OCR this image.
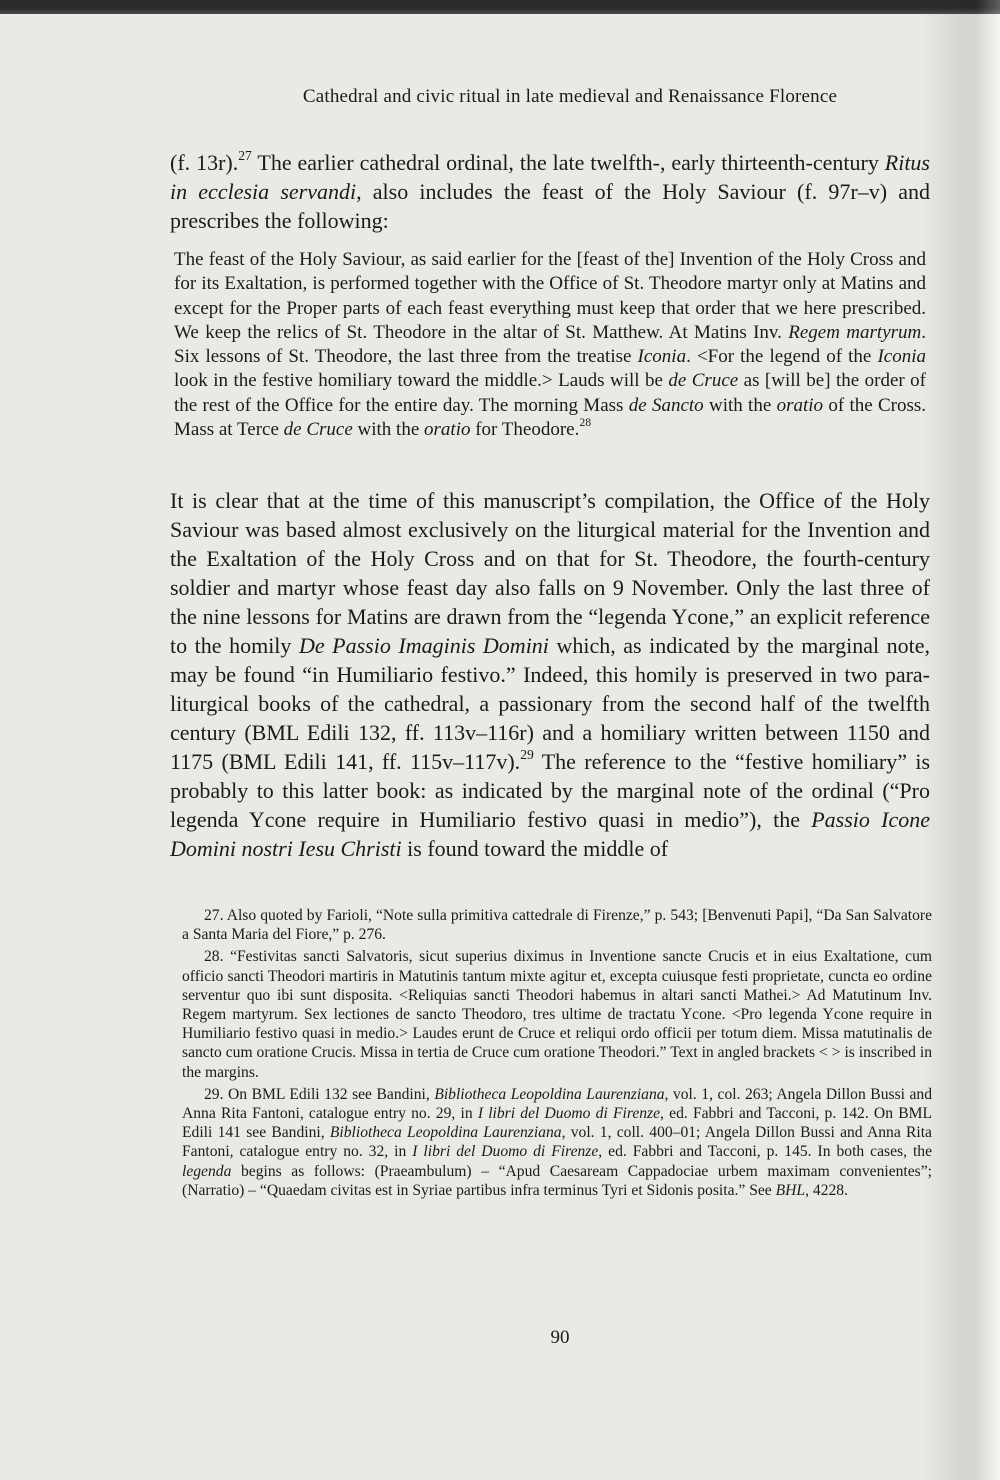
Cathedral and civic ritual in late medieval and Renaissance Florence

(f. 13r).$^{27}$ The earlier cathedral ordinal, the late twelfth-, early thirteenth-century Ritus in ecclesia servandi, also includes the feast of the Holy Saviour (f. 97r–v) and prescribes the following:

The feast of the Holy Saviour, as said earlier for the [feast of the] Invention of the Holy Cross and for its Exaltation, is performed together with the Office of St. Theodore martyr only at Matins and except for the Proper parts of each feast everything must keep that order that we here prescribed. We keep the relics of St. Theodore in the altar of St. Matthew. At Matins Inv. Regem martyrum. Six lessons of St. Theodore, the last three from the treatise Iconia. <For the legend of the Iconia look in the festive homiliary toward the middle.> Lauds will be de Cruce as [will be] the order of the rest of the Office for the entire day. The morning Mass de Sancto with the oratio of the Cross. Mass at Terce de Cruce with the oratio for Theodore.$^{28}$

It is clear that at the time of this manuscript’s compilation, the Office of the Holy Saviour was based almost exclusively on the liturgical material for the Invention and the Exaltation of the Holy Cross and on that for St. Theodore, the fourth-century soldier and martyr whose feast day also falls on 9 November. Only the last three of the nine lessons for Matins are drawn from the “legenda Ycone,” an explicit reference to the homily De Passio Imaginis Domini which, as indicated by the marginal note, may be found “in Humiliario festivo.” Indeed, this homily is preserved in two para-liturgical books of the cathedral, a passionary from the second half of the twelfth century (BML Edili 132, ff. 113v–116r) and a homiliary written between 1150 and 1175 (BML Edili 141, ff. 115v–117v).$^{29}$ The reference to the “festive homiliary” is probably to this latter book: as indicated by the marginal note of the ordinal (“Pro legenda Ycone require in Humiliario festivo quasi in medio”), the Passio Icone Domini nostri Iesu Christi is found toward the middle of

27. Also quoted by Farioli, “Note sulla primitiva cattedrale di Firenze,” p. 543; [Benvenuti Papi], “Da San Salvatore a Santa Maria del Fiore,” p. 276.

28. “Festivitas sancti Salvatoris, sicut superius diximus in Inventione sancte Crucis et in eius Exaltatione, cum officio sancti Theodori martiris in Matutinis tantum mixte agitur et, excepta cuiusque festi proprietate, cuncta eo ordine serventur quo ibi sunt disposita. <Reliquias sancti Theodori habemus in altari sancti Mathei.> Ad Matutinum Inv. Regem martyrum. Sex lectiones de sancto Theodoro, tres ultime de tractatu Ycone. <Pro legenda Ycone require in Humiliario festivo quasi in medio.> Laudes erunt de Cruce et reliqui ordo officii per totum diem. Missa matutinalis de sancto cum oratione Crucis. Missa in tertia de Cruce cum oratione Theodori.” Text in angled brackets < > is inscribed in the margins.

29. On BML Edili 132 see Bandini, Bibliotheca Leopoldina Laurenziana, vol. 1, col. 263; Angela Dillon Bussi and Anna Rita Fantoni, catalogue entry no. 29, in I libri del Duomo di Firenze, ed. Fabbri and Tacconi, p. 142. On BML Edili 141 see Bandini, Bibliotheca Leopoldina Laurenziana, vol. 1, coll. 400–01; Angela Dillon Bussi and Anna Rita Fantoni, catalogue entry no. 32, in I libri del Duomo di Firenze, ed. Fabbri and Tacconi, p. 145. In both cases, the legenda begins as follows: (Praeambulum) – “Apud Caesaream Cappadociae urbem maximam convenientes”; (Narratio) – “Quaedam civitas est in Syriae partibus infra terminus Tyri et Sidonis posita.” See BHL, 4228.

90
